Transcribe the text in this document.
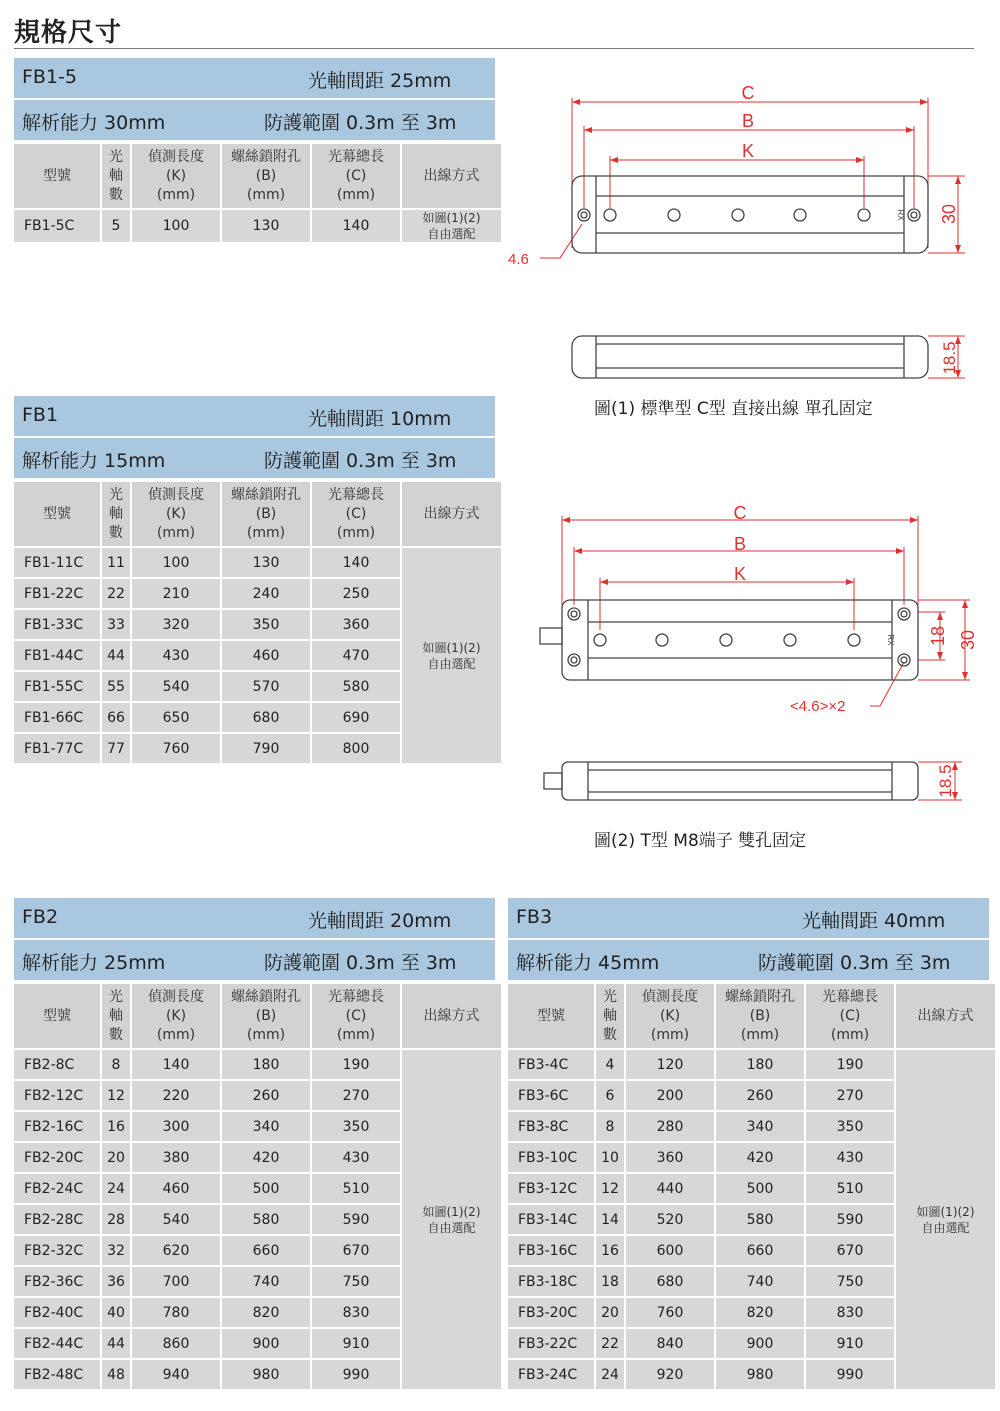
規格尺寸
FB1-5	光軸間距 25mm
解析能力 30mm	防護範圍 0.3m 至 3m
型號	光
軸
數	偵測長度
(K)
(mm)	螺絲鎖附孔
(B)
(mm)	光幕總長
(C)
(mm)	出線方式
FB1-5C	5	100	130	140	如圖(1)(2)
自由選配
FB1	光軸間距 10mm
解析能力 15mm	防護範圍 0.3m 至 3m
型號	光
軸
數	偵測長度
(K)
(mm)	螺絲鎖附孔
(B)
(mm)	光幕總長
(C)
(mm)	出線方式
FB1-11C	11	100	130	140	如圖(1)(2)
自由選配

FB1-22C	22	210	240	250	
FB1-33C	33	320	350	360	
FB1-44C	44	430	460	470	
FB1-55C	55	540	570	580	
FB1-66C	66	650	680	690	
FB1-77C	77	760	790	800	
FB2	光軸間距 20mm
解析能力 25mm	防護範圍 0.3m 至 3m
型號	光
軸
數	偵測長度
(K)
(mm)	螺絲鎖附孔
(B)
(mm)	光幕總長
(C)
(mm)	出線方式
FB2-8C	8	140	180	190	如圖(1)(2)
自由選配

FB2-12C	12	220	260	270	
FB2-16C	16	300	340	350	
FB2-20C	20	380	420	430	
FB2-24C	24	460	500	510	
FB2-28C	28	540	580	590	
FB2-32C	32	620	660	670	
FB2-36C	36	700	740	750	
FB2-40C	40	780	820	830	
FB2-44C	44	860	900	910	
FB2-48C	48	940	980	990	
FB3	光軸間距 40mm
解析能力 45mm	防護範圍 0.3m 至 3m
型號	光
軸
數	偵測長度
(K)
(mm)	螺絲鎖附孔
(B)
(mm)	光幕總長
(C)
(mm)	出線方式
FB3-4C	4	120	180	190	如圖(1)(2)
自由選配

FB3-6C	6	200	260	270	
FB3-8C	8	280	340	350	
FB3-10C	10	360	420	430	
FB3-12C	12	440	500	510	
FB3-14C	14	520	580	590	
FB3-16C	16	600	660	670	
FB3-18C	18	680	740	750	
FB3-20C	20	760	820	830	
FB3-22C	22	840	900	910	
FB3-24C	24	920	980	990	
C
B
K
30
18.5
4.6
RX
圖(1) 標準型 C型 直接出線 單孔固定
C
B
K
30
18
18.5
<4.6>×2
RX
圖(2) T型 M8端子 雙孔固定
